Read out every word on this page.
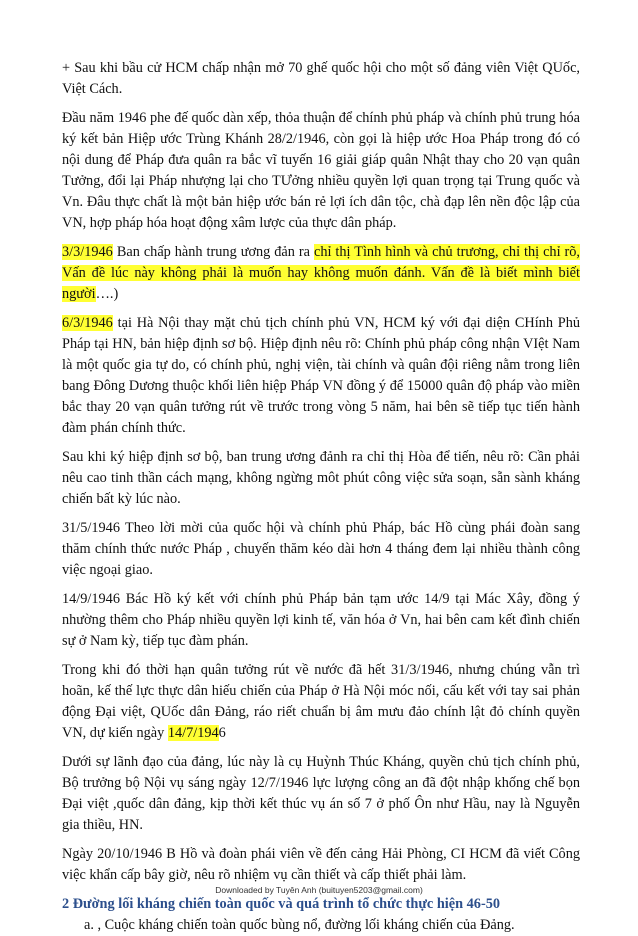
+ Sau khi bầu cử HCM chấp nhận mở 70 ghế quốc hội cho một số đảng viên Việt QUốc, Việt Cách.

Đầu năm 1946 phe đế quốc dàn xếp, thỏa thuận để chính phủ pháp và chính phủ trung hóa ký kết bản Hiệp ước Trùng Khánh 28/2/1946, còn gọi là hiệp ước Hoa Pháp trong đó có nội dung để Pháp đưa quân ra bắc vĩ tuyến 16 giải giáp quân Nhật thay cho 20 vạn quân Tưởng, đổi lại Pháp nhượng lại cho TƯởng nhiều quyền lợi quan trọng tại Trung quốc và Vn. Đâu thực chất là một bản hiệp ước bán rẻ lợi ích dân tộc, chà đạp lên nền độc lập của VN, hợp pháp hóa hoạt động xâm lược của thực dân pháp.

3/3/1946 Ban chấp hành trung ương đản ra chỉ thị Tình hình và chủ trương, chỉ thị chỉ rõ, Vấn đề lúc này không phải là muốn hay không muốn đánh. Vấn đề là biết mình biết người….)

6/3/1946 tại Hà Nội thay mặt chủ tịch chính phủ VN, HCM ký với đại diện CHính Phủ Pháp tại HN, bản hiệp định sơ bộ. Hiệp định nêu rõ: Chính phủ pháp công nhận VIệt Nam là một quốc gia tự do, có chính phủ, nghị viện, tài chính và quân đội riêng nằm trong liên bang Đông Dương thuộc khối liên hiệp Pháp VN đồng ý để 15000 quân độ pháp vào miền bắc thay 20 vạn quân tưởng rút về trước trong vòng 5 năm, hai bên sẽ tiếp tục tiến hành đàm phán chính thức.

Sau khi ký hiệp định sơ bộ, ban trung ương đảnh ra chỉ thị Hòa để tiến, nêu rõ: Cần phải nêu cao tinh thần cách mạng, không ngừng môt phút công việc sửa soạn, sẵn sành kháng chiến bất kỳ lúc nào.

31/5/1946 Theo lời mời của quốc hội và chính phủ Pháp, bác Hồ cùng phái đoàn sang thăm chính thức nước Pháp , chuyến thăm kéo dài hơn 4 tháng đem lại nhiều thành công việc ngoại giao.

14/9/1946 Bác Hồ ký kết với chính phủ Pháp bản tạm ước 14/9 tại Mác Xây, đồng ý nhường thêm cho Pháp nhiều quyền lợi kinh tế, văn hóa ở Vn, hai bên cam kết đình chiến sự ở Nam kỳ, tiếp tục đàm phán.

Trong khi đó thời hạn quân tưởng rút về nước đã hết 31/3/1946, nhưng chúng vẫn trì hoãn, kế thế lực thực dân hiếu chiến của Pháp ở Hà Nội móc nối, cấu kết với tay sai phản động Đại việt, QUốc dân Đảng, ráo riết chuẩn bị âm mưu đảo chính lật đỏ chính quyền VN, dự kiến ngày 14/7/1946

Dưới sự lãnh đạo của đảng, lúc này là cụ Huỳnh Thúc Kháng, quyền chủ tịch chính phủ, Bộ trưởng bộ Nội vụ sáng ngày 12/7/1946 lực lượng công an đã đột nhập khống chế bọn Đại việt ,quốc dân đảng, kịp thời kết thúc vụ án số 7 ở phố Ôn như Hầu, nay là Nguyễn gia thiều, HN.

Ngày 20/10/1946 B Hồ và đoàn phái viên về đến cảng Hải Phòng, CI HCM đã viết Công việc khẩn cấp bây giờ, nêu rõ nhiệm vụ cần thiết và cấp thiết phải làm.

2 Đường lối kháng chiến toàn quốc và quá trình tổ chức thực hiện 46-50
a. , Cuộc kháng chiến toàn quốc bùng nổ, đường lối kháng chiến của Đảng.
Downloaded by Tuyên Anh (buituyen5203@gmail.com)
